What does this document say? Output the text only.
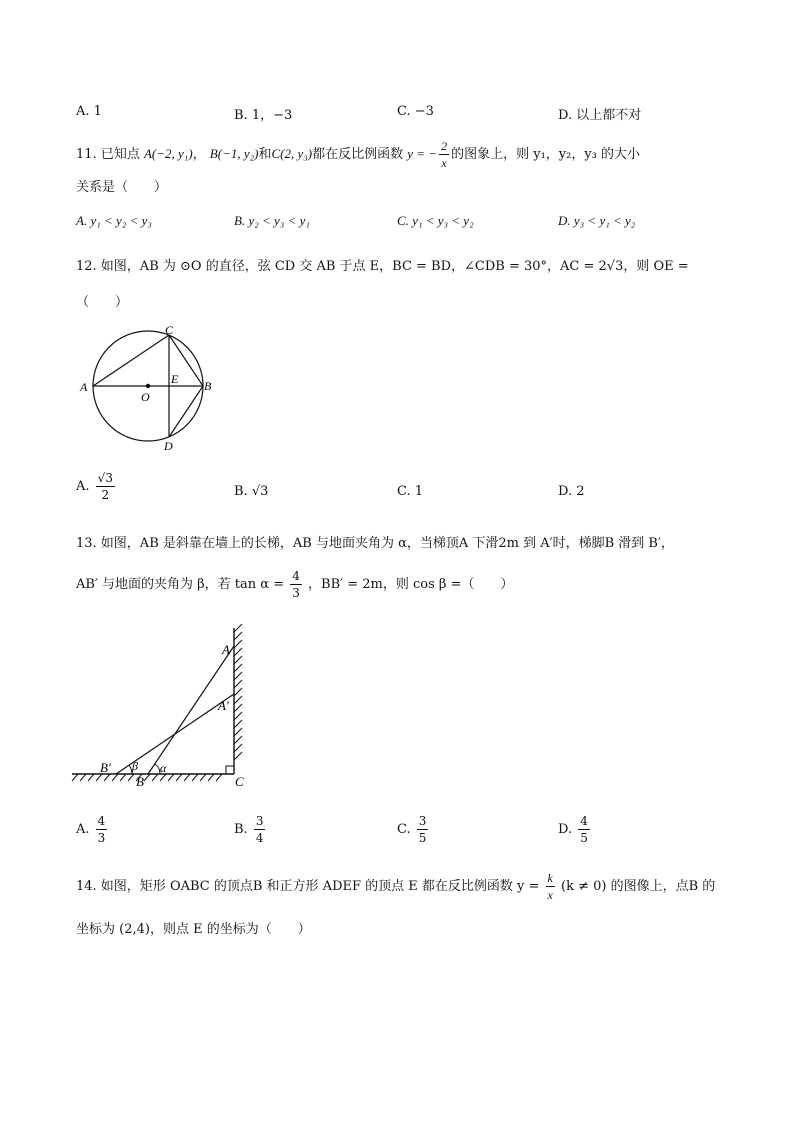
A. 1	B. 1，−3	C. −3	D. 以上都不对
11. 已知点 A(−2, y₁)， B(−1, y₂)和C(2, y₃)都在反比例函数 y = − $\frac{2}{x}$ 的图象上，则 y₁，y₂，y₃ 的大小
关系是（　　）
A. y₁ < y₂ < y₃	B. y₂ < y₃ < y₁	C. y₁ < y₃ < y₂	D. y₃ < y₁ < y₂
12. 如图，AB 为 ⊙O 的直径，弦 CD 交 AB 于点 E，BC = BD，∠CDB = 30°，AC = 2√3，则 OE =
（　　）
C
A
O
E B
D
A. $\frac{√3}{2}$	B. √3	C. 1	D. 2
13. 如图，AB 是斜靠在墙上的长梯，AB 与地面夹角为 α，当梯顶A 下滑2m 到 A′时，梯脚B 滑到 B′，
AB′ 与地面的夹角为 β，若 $\tan \alpha = \frac{4}{3}$ ，BB′ = 2m，则 cos β =（　　）
A
A′
B′ β
B
α
C
A. $\frac{4}{3}$	B. $\frac{3}{4}$	C. $\frac{3}{5}$	D. $\frac{4}{5}$
14. 如图，矩形 OABC 的顶点B 和正方形 ADEF 的顶点 E 都在反比例函数 $y = \frac{k}{x} (k \ne 0)$ 的图像上，点B 的
坐标为 (2,4)，则点 E 的坐标为（　　）
